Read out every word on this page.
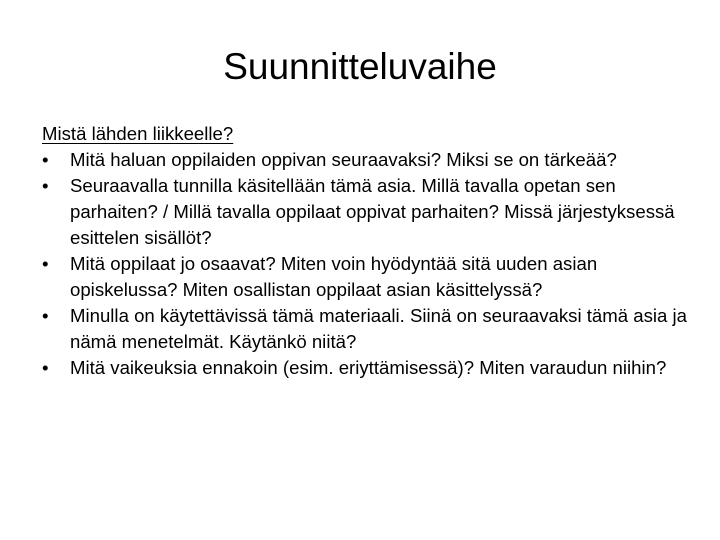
Suunnitteluvaihe

Mistä lähden liikkeelle?

•	Mitä haluan oppilaiden oppivan seuraavaksi? Miksi se on tärkeää?
•	Seuraavalla tunnilla käsitellään tämä asia. Millä tavalla opetan sen parhaiten? / Millä tavalla oppilaat oppivat parhaiten? Missä järjestyksessä esittelen sisällöt?
•	Mitä oppilaat jo osaavat? Miten voin hyödyntää sitä uuden asian opiskelussa? Miten osallistan oppilaat asian käsittelyssä?
•	Minulla on käytettävissä tämä materiaali. Siinä on seuraavaksi tämä asia ja nämä menetelmät. Käytänkö niitä?
•	Mitä vaikeuksia ennakoin (esim. eriyttämisessä)? Miten varaudun niihin?
